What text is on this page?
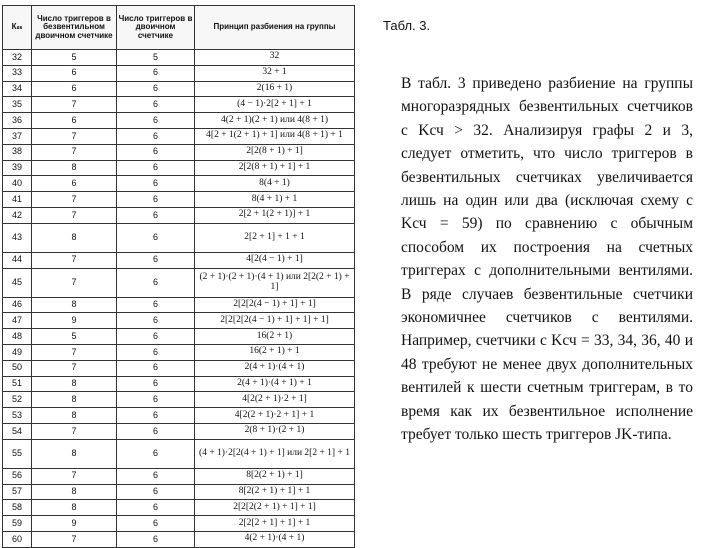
Кₛₛ	Число триггеров в безвентильном двоичном счетчике	Число триггеров в двоичном счетчике	Принцип разбиения на группы
32	5	5	32
33	6	6	32 + 1
34	6	6	2(16 + 1)
35	7	6	(4 − 1)·2[2 + 1] + 1
36	6	6	4(2 + 1)(2 + 1) или 4(8 + 1)
37	7	6	4[2 + 1(2 + 1) + 1] или 4(8 + 1) + 1
38	7	6	2[2(8 + 1) + 1]
39	8	6	2[2(8 + 1) + 1] + 1
40	6	6	8(4 + 1)
41	7	6	8(4 + 1) + 1
42	7	6	2[2 + 1(2 + 1)] + 1
43	8	6	2[2 + 1] + 1 + 1
44	7	6	4[2(4 − 1) + 1]
45	7	6	(2 + 1)·(2 + 1)·(4 + 1) или 2[2(2 + 1) + 1]
46	8	6	2[2[2(4 − 1) + 1] + 1]
47	9	6	2[2[2[2(4 − 1) + 1] + 1] + 1]
48	5	6	16(2 + 1)
49	7	6	16(2 + 1) + 1
50	7	6	2(4 + 1)·(4 + 1)
51	8	6	2(4 + 1)·(4 + 1) + 1
52	8	6	4[2(2 + 1)·2 + 1]
53	8	6	4[2(2 + 1)·2 + 1] + 1
54	7	6	2(8 + 1)·(2 + 1)
55	8	6	(4 + 1)·2[2(4 + 1) + 1] или 2[2 + 1] + 1
56	7	6	8[2(2 + 1) + 1]
57	8	6	8[2(2 + 1) + 1] + 1
58	8	6	2[2[2(2 + 1) + 1] + 1]
59	9	6	2[2[2 + 1] + 1] + 1
60	7	6	4(2 + 1)·(4 + 1)
Табл. 3.
В табл. 3 приведено разбиение на группы многоразрядных безвентильных счетчиков с Kсч > 32. Анализируя графы 2 и 3, следует отметить, что число триггеров в безвентильных счетчиках увеличивается лишь на один или два (исключая схему с Kсч = 59) по сравнению с обычным способом их построения на счетных триггерах с дополнительными вентилями. В ряде случаев безвентильные счетчики экономичнее счетчиков с вентилями. Например, счетчики с Kсч = 33, 34, 36, 40 и 48 требуют не менее двух дополнительных вентилей к шести счетным триггерам, в то время как их безвентильное исполнение требует только шесть триггеров JK-типа.
